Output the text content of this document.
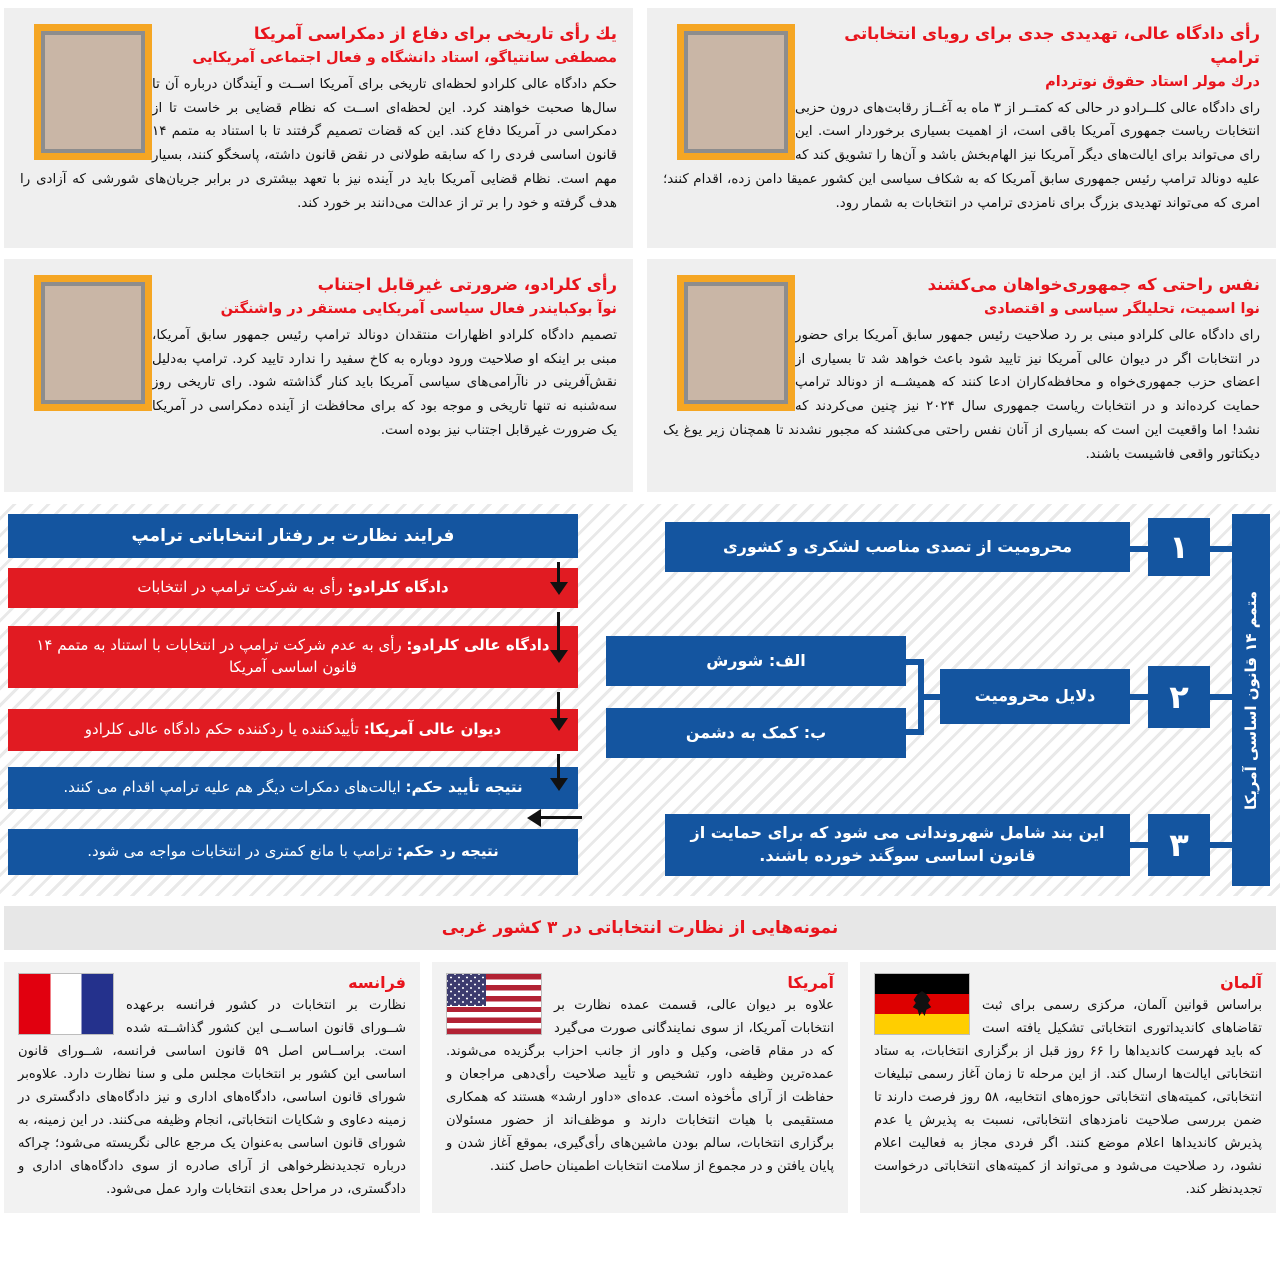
رأی دادگاه عالی، تهدیدی جدی برای رویای انتخاباتی ترامپ
درك مولر استاد حقوق نوتردام
رای دادگاه عالی کلــرادو در حالی که کمتــر از ۳ ماه به آغــاز رقابت‌های درون حزبی انتخابات ریاست جمهوری آمریکا باقی است، از اهمیت بسیاری برخوردار است. این رای می‌تواند برای ایالت‌های دیگر آمریکا نیز الهام‌بخش باشد و آن‌ها را تشویق کند که علیه دونالد ترامپ رئیس جمهوری سابق آمریکا که به شکاف سیاسی این کشور عمیقا دامن زده، اقدام کنند؛ امری که می‌تواند تهدیدی بزرگ برای نامزدی ترامپ در انتخابات به شمار رود.
یك رأی تاریخی برای دفاع از دمکراسی آمریکا
مصطفی سانتیاگو، استاد دانشگاه و فعال اجتماعی آمریکایی
حکم دادگاه عالی کلرادو لحظه‌ای تاریخی برای آمریکا اســت و آیندگان درباره آن تا سال‌ها صحبت خواهند کرد. این لحظه‌ای اســت که نظام قضایی بر خاست تا از دمکراسی در آمریکا دفاع کند. این که قضات تصمیم گرفتند تا با استناد به متمم ۱۴ قانون اساسی فردی را که سابقه طولانی در نقض قانون داشته، پاسخگو کنند، بسیار مهم است. نظام قضایی آمریکا باید در آینده نیز با تعهد بیشتری در برابر جریان‌های شورشی که آزادی را هدف گرفته و خود را بر تر از عدالت می‌دانند بر خورد کند.
نفس راحتی که جمهوری‌خواهان می‌کشند
نوا اسمیت، تحلیلگر سیاسی و اقتصادی
رای دادگاه عالی کلرادو مبنی بر رد صلاحیت رئیس جمهور سابق آمریکا برای حضور در انتخابات اگر در دیوان عالی آمریکا نیز تایید شود باعث خواهد شد تا بسیاری از اعضای حزب جمهوری‌خواه و محافظه‌کاران ادعا کنند که همیشــه از دونالد ترامپ حمایت کرده‌اند و در انتخابات ریاست جمهوری سال ۲۰۲۴ نیز چنین می‌کردند که نشد! اما واقعیت این است که بسیاری از آنان نفس راحتی می‌کشند که مجبور نشدند تا همچنان زیر یوغ یک دیکتاتور واقعی فاشیست باشند.
رأی کلرادو، ضرورتی غیرقابل اجتناب
نوآ بوکبایندر فعال سیاسی آمریکایی مستقر در واشنگتن
تصمیم دادگاه کلرادو اظهارات منتقدان دونالد ترامپ رئیس جمهور سابق آمریکا، مبنی بر اینکه او صلاحیت ورود دوباره به کاخ سفید را ندارد تایید کرد. ترامپ به‌دلیل نقش‌آفرینی در ناآرامی‌های سیاسی آمریکا باید کنار گذاشته شود. رای تاریخی روز سه‌شنبه نه تنها تاریخی و موجه بود که برای محافظت از آینده دمکراسی در آمریکا یک ضرورت غیرقابل اجتناب نیز بوده است.
متمم ۱۴ قانون اساسی آمریکا
۱
۲
۳
محرومیت از تصدی مناصب لشکری و کشوری
دلایل محرومیت
الف: شورش
ب: کمک به دشمن
این بند شامل شهروندانی می شود که برای حمایت از قانون اساسی سوگند خورده باشند.
فرایند نظارت بر رفتار انتخاباتی ترامپ
دادگاه کلرادو: رأی به شرکت ترامپ در انتخابات
دادگاه عالی کلرادو: رأی به عدم شرکت ترامپ در انتخابات با استناد به متمم ۱۴ قانون اساسی آمریکا
دیوان عالی آمریکا: تأییدکننده یا ردکننده حکم دادگاه عالی کلرادو
نتیجه تأیید حکم: ایالت‌های دمکرات دیگر هم علیه ترامپ اقدام می کنند.
نتیجه رد حکم: ترامپ با مانع کمتری در انتخابات مواجه می شود.
نمونه‌هایی از نظارت انتخاباتی در ۳ کشور غربی
آلمان
براساس قوانین آلمان، مرکزی رسمی برای ثبت تقاضاهای کاندیداتوری انتخاباتی تشکیل یافته است که باید فهرست کاندیداها را ۶۶ روز قبل از برگزاری انتخابات، به ستاد انتخاباتی ایالت‌ها ارسال کند. از این مرحله تا زمان آغاز رسمی تبلیغات انتخاباتی، کمیته‌های انتخاباتی حوزه‌های انتخابیه، ۵۸ روز فرصت دارند تا ضمن بررسی صلاحیت نامزدهای انتخاباتی، نسبت به پذیرش یا عدم پذیرش کاندیداها اعلام موضع کنند. اگر فردی مجاز به فعالیت اعلام نشود، رد صلاحیت می‌شود و می‌تواند از کمیته‌های انتخاباتی درخواست تجدیدنظر کند.
آمریکا
علاوه بر دیوان عالی، قسمت عمده نظارت بر انتخابات آمریکا، از سوی نمایندگانی صورت می‌گیرد که در مقام قاضی، وکیل و داور از جانب احزاب برگزیده می‌شوند. عمده‌ترین وظیفه داور، تشخیص و تأیید صلاحیت رأی‌دهی مراجعان و حفاظت از آرای مأخوذه است. عده‌ای «داور ارشد» هستند که همکاری مستقیمی با هیات انتخابات دارند و موظف‌اند از حضور مسئولان برگزاری انتخابات، سالم بودن ماشین‌های رأی‌گیری، بموقع آغاز شدن و پایان یافتن و در مجموع از سلامت انتخابات اطمینان حاصل کنند.
فرانسه
نظارت بر انتخابات در کشور فرانسه برعهده شــورای قانون اساســی این کشور گذاشــته شده است. براســاس اصل ۵۹ قانون اساسی فرانسه، شــورای قانون اساسی این کشور بر انتخابات مجلس ملی و سنا نظارت دارد. علاوه‌بر شورای قانون اساسی، دادگاه‌های اداری و نیز دادگاه‌های دادگستری در زمینه دعاوی و شکایات انتخاباتی، انجام وظیفه می‌کنند. در این زمینه، به شورای قانون اساسی به‌عنوان یک مرجع عالی نگریسته می‌شود؛ چراکه درباره تجدیدنظرخواهی از آرای صادره از سوی دادگاه‌های اداری و دادگستری، در مراحل بعدی انتخابات وارد عمل می‌شود.
